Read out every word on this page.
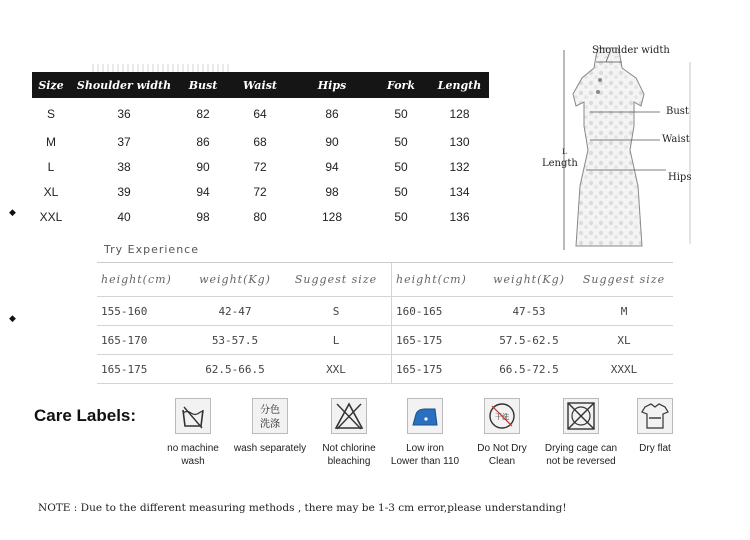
Size	Shoulder width	Bust	Waist	Hips	Fork	Length
S	36	82	64	86	50	128
M	37	86	68	90	50	130
L	38	90	72	94	50	132
XL	39	94	72	98	50	134
XXL	40	98	80	128	50	136
◆
◆
Shoulder width
Bust
Waist
Hips
Length
L
Try Experience
height(cm)	weight(Kg)	Suggest size	height(cm)	weight(Kg)	Suggest size
155-160	42-47	S	160-165	47-53	M
165-170	53-57.5	L	165-175	57.5-62.5	XL
165-175	62.5-66.5	XXL	165-175	66.5-72.5	XXXL
Care Labels:
no machine
wash
分色
洗涤
wash separately	Not chlorine
bleaching
Low iron
Lower than 110
干洗
Do Not Dry
Clean
Drying cage can
not be reversed
Dry flat
NOTE : Due to the different measuring methods , there may be 1-3 cm error,please understanding!
